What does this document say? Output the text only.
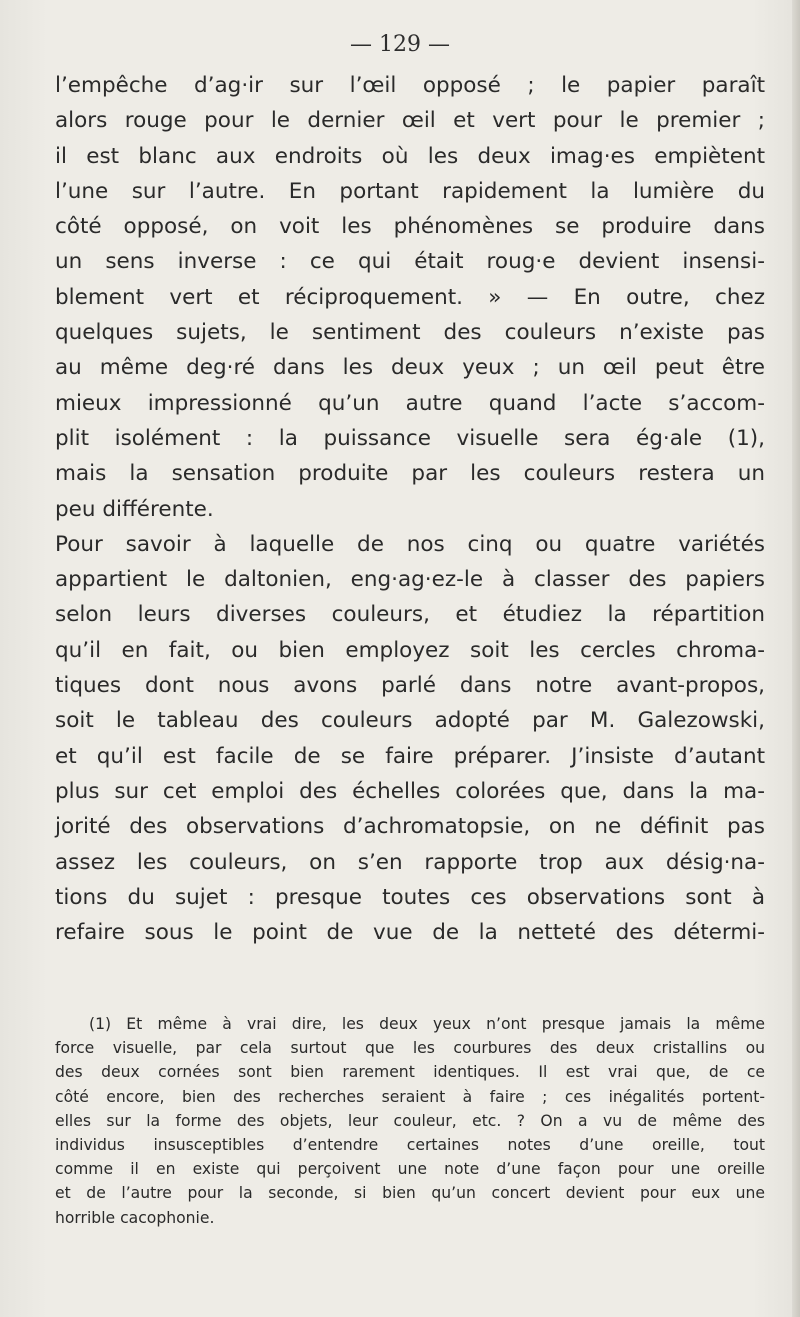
— 129 —
l’empêche d’ag·ir sur l’œil opposé ; le papier paraît
alors rouge pour le dernier œil et vert pour le premier ;
il est blanc aux endroits où les deux imag·es empiètent
l’une sur l’autre. En portant rapidement la lumière du
côté opposé, on voit les phénomènes se produire dans
un sens inverse : ce qui était roug·e devient insensi-
blement vert et réciproquement. » — En outre, chez
quelques sujets, le sentiment des couleurs n’existe pas
au même deg·ré dans les deux yeux ; un œil peut être
mieux impressionné qu’un autre quand l’acte s’accom-
plit isolément : la puissance visuelle sera ég·ale (1),
mais la sensation produite par les couleurs restera un
peu différente.
Pour savoir à laquelle de nos cinq ou quatre variétés
appartient le daltonien, eng·ag·ez-le à classer des papiers
selon leurs diverses couleurs, et étudiez la répartition
qu’il en fait, ou bien employez soit les cercles chroma-
tiques dont nous avons parlé dans notre avant-propos,
soit le tableau des couleurs adopté par M. Galezowski,
et qu’il est facile de se faire préparer. J’insiste d’autant
plus sur cet emploi des échelles colorées que, dans la ma-
jorité des observations d’achromatopsie, on ne définit pas
assez les couleurs, on s’en rapporte trop aux désig·na-
tions du sujet : presque toutes ces observations sont à
refaire sous le point de vue de la netteté des détermi-
(1) Et même à vrai dire, les deux yeux n’ont presque jamais la même
force visuelle, par cela surtout que les courbures des deux cristallins ou
des deux cornées sont bien rarement identiques. Il est vrai que, de ce
côté encore, bien des recherches seraient à faire ; ces inégalités portent-
elles sur la forme des objets, leur couleur, etc. ? On a vu de même des
individus insusceptibles d’entendre certaines notes d’une oreille, tout
comme il en existe qui perçoivent une note d’une façon pour une oreille
et de l’autre pour la seconde, si bien qu’un concert devient pour eux une
horrible cacophonie.
